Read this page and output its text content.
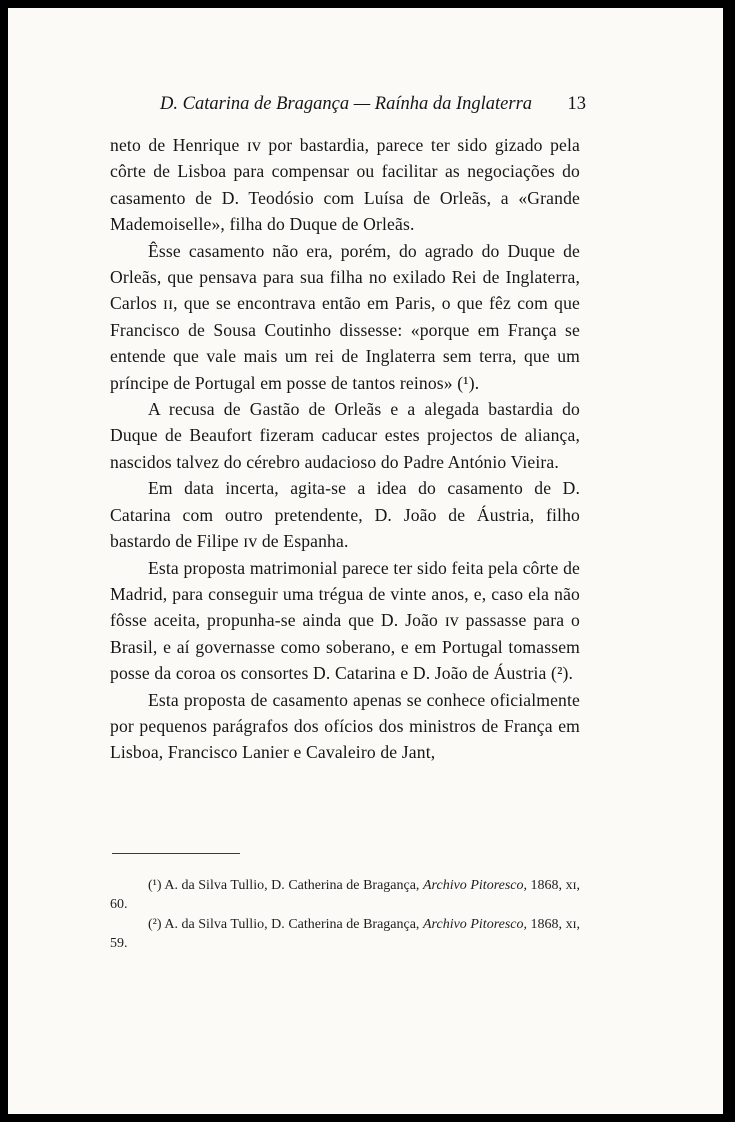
D. Catarina de Bragança — Raínha da Inglaterra 13

neto de Henrique ɪᴠ por bastardia, parece ter sido gizado pela côrte de Lisboa para compensar ou facilitar as negociações do casamento de D. Teodósio com Luísa de Orleãs, a «Grande Mademoiselle», filha do Duque de Orleãs.

Êsse casamento não era, porém, do agrado do Duque de Orleãs, que pensava para sua filha no exilado Rei de Inglaterra, Carlos ɪɪ, que se encontrava então em Paris, o que fêz com que Francisco de Sousa Coutinho dissesse: «porque em França se entende que vale mais um rei de Inglaterra sem terra, que um príncipe de Portugal em posse de tantos reinos» (¹).

A recusa de Gastão de Orleãs e a alegada bastardia do Duque de Beaufort fizeram caducar estes projectos de aliança, nascidos talvez do cérebro audacioso do Padre António Vieira.

Em data incerta, agita-se a idea do casamento de D. Catarina com outro pretendente, D. João de Áustria, filho bastardo de Filipe ɪᴠ de Espanha.

Esta proposta matrimonial parece ter sido feita pela côrte de Madrid, para conseguir uma trégua de vinte anos, e, caso ela não fôsse aceita, propunha-se ainda que D. João ɪᴠ passasse para o Brasil, e aí governasse como soberano, e em Portugal tomassem posse da coroa os consortes D. Catarina e D. João de Áustria (²).

Esta proposta de casamento apenas se conhece oficialmente por pequenos parágrafos dos ofícios dos ministros de França em Lisboa, Francisco Lanier e Cavaleiro de Jant,

(¹) A. da Silva Tullio, D. Catherina de Bragança, Archivo Pitoresco, 1868, xɪ, 60.

(²) A. da Silva Tullio, D. Catherina de Bragança, Archivo Pitoresco, 1868, xɪ, 59.
